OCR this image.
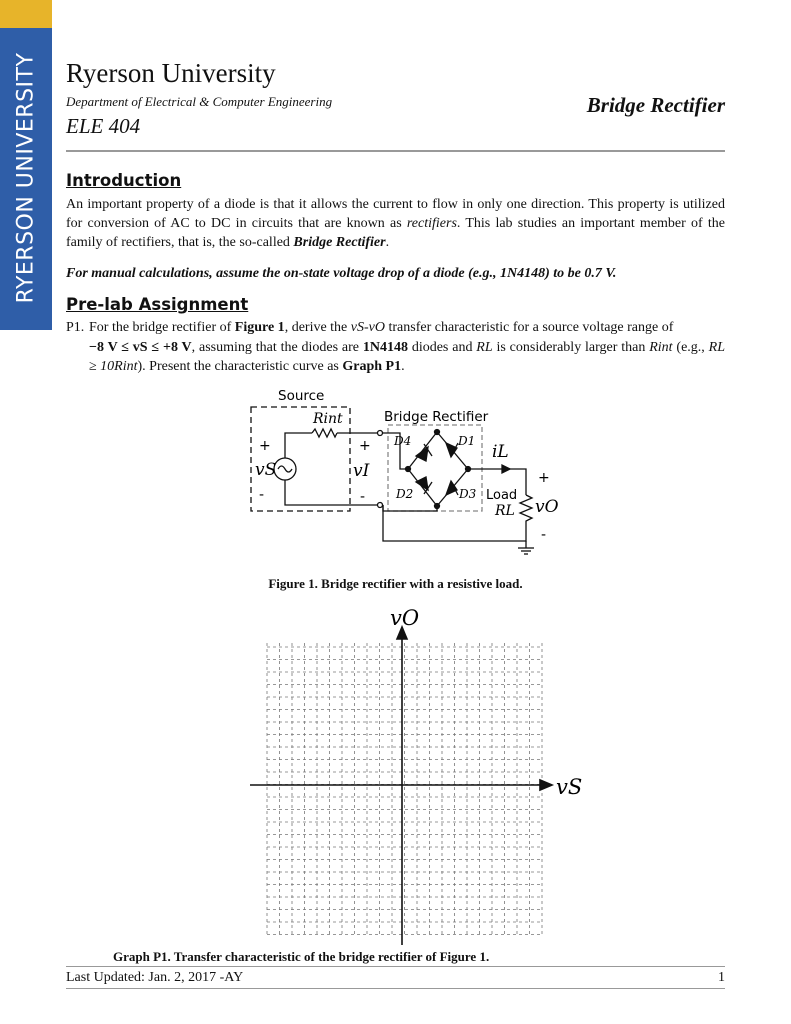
RYERSON UNIVERSITY Ryerson University
Department of Electrical & Computer Engineering
ELE 404
Bridge Rectifier
Introduction
An important property of a diode is that it allows the current to flow in only one direction. This property is utilized for conversion of AC to DC in circuits that are known as rectifiers. This lab studies an important member of the family of rectifiers, that is, the so-called Bridge Rectifier.
For manual calculations, assume the on-state voltage drop of a diode (e.g., 1N4148) to be 0.7 V.
Pre-lab Assignment
P1. For the bridge rectifier of Figure 1, derive the vS-vO transfer characteristic for a source voltage range of
−8 V ≤ vS ≤ +8 V, assuming that the diodes are 1N4148 diodes and RL is considerably larger than Rint (e.g., RL ≥ 10Rint). Present the characteristic curve as Graph P1.
Source
Rint	Bridge Rectifier
+
-
vS
+
-
vI
D4	D1
D2	D3
iL
+
-
vO
Load
RL
Figure 1. Bridge rectifier with a resistive load.
vO
vS
Graph P1. Transfer characteristic of the bridge rectifier of Figure 1.
Last Updated: Jan. 2, 2017 -AY	1
